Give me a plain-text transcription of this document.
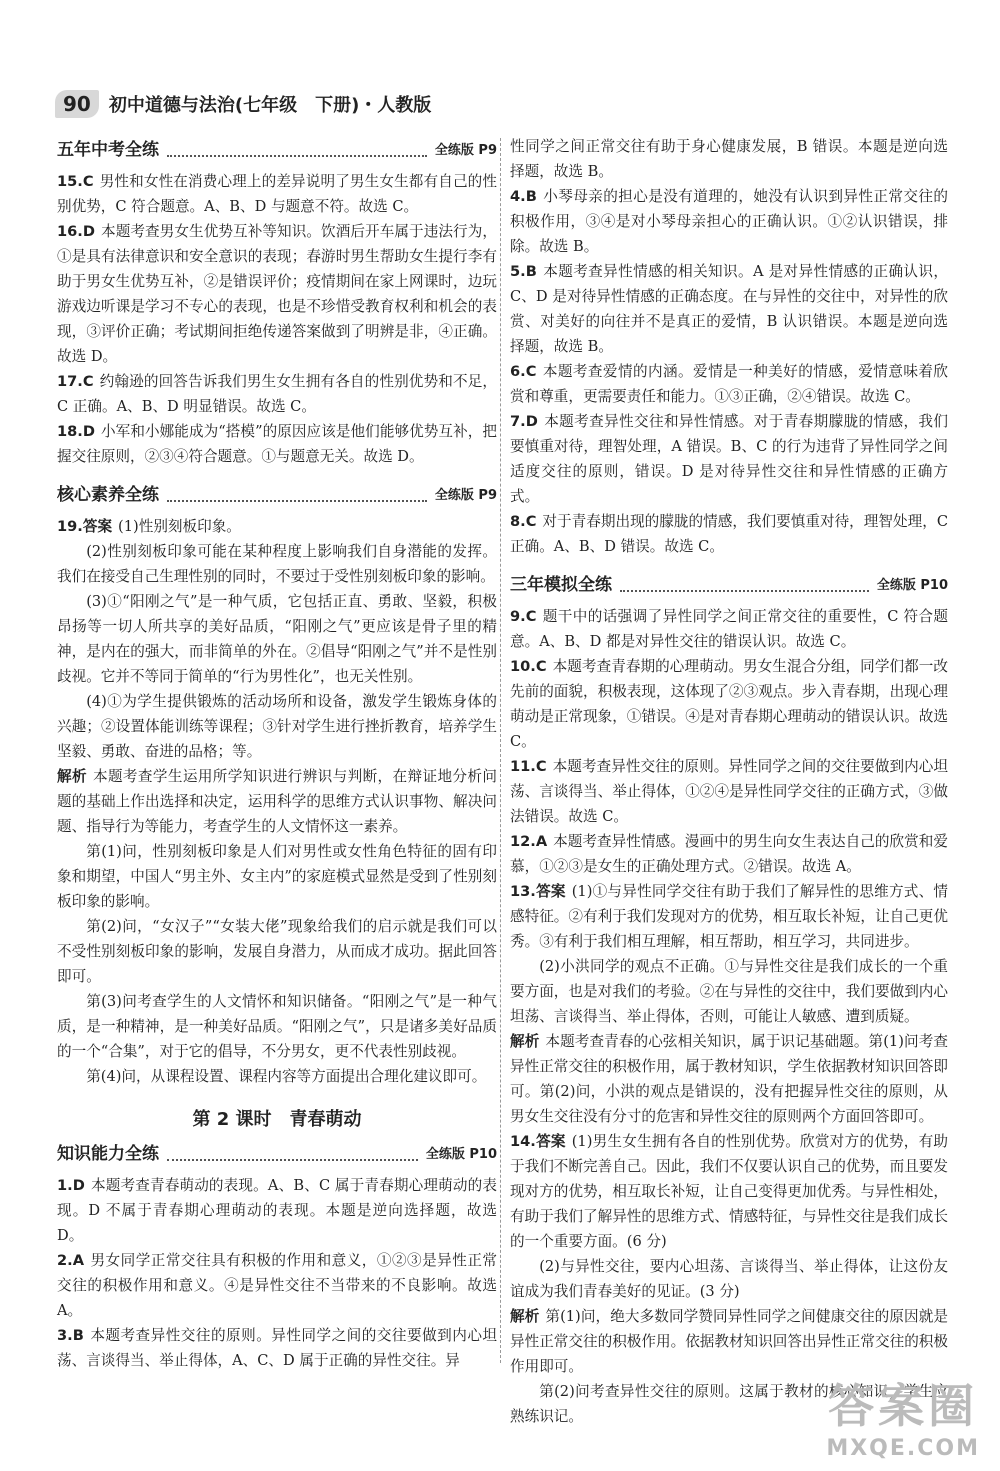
90	初中道德与法治(七年级　下册)・人教版
五年中考全练	全练版 P9

15.C 男性和女性在消费心理上的差异说明了男生女生都有自己的性别优势，C 符合题意。A、B、D 与题意不符。故选 C。

16.D 本题考查男女生优势互补等知识。饮酒后开车属于违法行为，①是具有法律意识和安全意识的表现；春游时男生帮助女生提行李有助于男女生优势互补，②是错误评价；疫情期间在家上网课时，边玩游戏边听课是学习不专心的表现，也是不珍惜受教育权利和机会的表现，③评价正确；考试期间拒绝传递答案做到了明辨是非，④正确。故选 D。

17.C 约翰逊的回答告诉我们男生女生拥有各自的性别优势和不足，C 正确。A、B、D 明显错误。故选 C。

18.D 小军和小娜能成为“搭模”的原因应该是他们能够优势互补，把握交往原则，②③④符合题意。①与题意无关。故选 D。

核心素养全练	全练版 P9

19.答案 (1)性别刻板印象。

(2)性别刻板印象可能在某种程度上影响我们自身潜能的发挥。我们在接受自己生理性别的同时，不要过于受性别刻板印象的影响。

(3)①“阳刚之气”是一种气质，它包括正直、勇敢、坚毅，积极昂扬等一切人所共享的美好品质，“阳刚之气”更应该是骨子里的精神，是内在的强大，而非简单的外在。②倡导“阳刚之气”并不是性别歧视。它并不等同于简单的“行为男性化”，也无关性别。

(4)①为学生提供锻炼的活动场所和设备，激发学生锻炼身体的兴趣；②设置体能训练等课程；③针对学生进行挫折教育，培养学生坚毅、勇敢、奋进的品格；等。

解析 本题考查学生运用所学知识进行辨识与判断，在辩证地分析问题的基础上作出选择和决定，运用科学的思维方式认识事物、解决问题、指导行为等能力，考查学生的人文情怀这一素养。

第(1)问，性别刻板印象是人们对男性或女性角色特征的固有印象和期望，中国人“男主外、女主内”的家庭模式显然是受到了性别刻板印象的影响。

第(2)问，“女汉子”“女装大佬”现象给我们的启示就是我们可以不受性别刻板印象的影响，发展自身潜力，从而成才成功。据此回答即可。

第(3)问考查学生的人文情怀和知识储备。“阳刚之气”是一种气质，是一种精神，是一种美好品质。“阳刚之气”，只是诸多美好品质的一个“合集”，对于它的倡导，不分男女，更不代表性别歧视。

第(4)问，从课程设置、课程内容等方面提出合理化建议即可。

第 2 课时　青春萌动
知识能力全练	全练版 P10

1.D 本题考查青春萌动的表现。A、B、C 属于青春期心理萌动的表现。D 不属于青春期心理萌动的表现。本题是逆向选择题，故选 D。

2.A 男女同学正常交往具有积极的作用和意义，①②③是异性正常交往的积极作用和意义。④是异性交往不当带来的不良影响。故选 A。

3.B 本题考查异性交往的原则。异性同学之间的交往要做到内心坦荡、言谈得当、举止得体，A、C、D 属于正确的异性交往。异

性同学之间正常交往有助于身心健康发展，B 错误。本题是逆向选择题，故选 B。

4.B 小琴母亲的担心是没有道理的，她没有认识到异性正常交往的积极作用，③④是对小琴母亲担心的正确认识。①②认识错误，排除。故选 B。

5.B 本题考查异性情感的相关知识。A 是对异性情感的正确认识，C、D 是对待异性情感的正确态度。在与异性的交往中，对异性的欣赏、对美好的向往并不是真正的爱情，B 认识错误。本题是逆向选择题，故选 B。

6.C 本题考查爱情的内涵。爱情是一种美好的情感，爱情意味着欣赏和尊重，更需要责任和能力。①③正确，②④错误。故选 C。

7.D 本题考查异性交往和异性情感。对于青春期朦胧的情感，我们要慎重对待，理智处理，A 错误。B、C 的行为违背了异性同学之间适度交往的原则，错误。D 是对待异性交往和异性情感的正确方式。

8.C 对于青春期出现的朦胧的情感，我们要慎重对待，理智处理，C 正确。A、B、D 错误。故选 C。

三年模拟全练	全练版 P10

9.C 题干中的话强调了异性同学之间正常交往的重要性，C 符合题意。A、B、D 都是对异性交往的错误认识。故选 C。

10.C 本题考查青春期的心理萌动。男女生混合分组，同学们都一改先前的面貌，积极表现，这体现了②③观点。步入青春期，出现心理萌动是正常现象，①错误。④是对青春期心理萌动的错误认识。故选 C。

11.C 本题考查异性交往的原则。异性同学之间的交往要做到内心坦荡、言谈得当、举止得体，①②④是异性同学交往的正确方式，③做法错误。故选 C。

12.A 本题考查异性情感。漫画中的男生向女生表达自己的欣赏和爱慕，①②③是女生的正确处理方式。②错误。故选 A。

13.答案 (1)①与异性同学交往有助于我们了解异性的思维方式、情感特征。②有利于我们发现对方的优势，相互取长补短，让自己更优秀。③有利于我们相互理解，相互帮助，相互学习，共同进步。

(2)小洪同学的观点不正确。①与异性交往是我们成长的一个重要方面，也是对我们的考验。②在与异性的交往中，我们要做到内心坦荡、言谈得当、举止得体，否则，可能让人敏感、遭到质疑。

解析 本题考查青春的心弦相关知识，属于识记基础题。第(1)问考查异性正常交往的积极作用，属于教材知识，学生依据教材知识回答即可。第(2)问，小洪的观点是错误的，没有把握异性交往的原则，从男女生交往没有分寸的危害和异性交往的原则两个方面回答即可。

14.答案 (1)男生女生拥有各自的性别优势。欣赏对方的优势，有助于我们不断完善自己。因此，我们不仅要认识自己的优势，而且要发现对方的优势，相互取长补短，让自己变得更加优秀。与异性相处，有助于我们了解异性的思维方式、情感特征，与异性交往是我们成长的一个重要方面。(6 分)

(2)与异性交往，要内心坦荡、言谈得当、举止得体，让这份友谊成为我们青春美好的见证。(3 分)

解析 第(1)问，绝大多数同学赞同异性同学之间健康交往的原因就是异性正常交往的积极作用。依据教材知识回答出异性正常交往的积极作用即可。

第(2)问考查异性交往的原则。这属于教材的核心知识，学生应熟练识记。	答案圈
MXQE.COM
